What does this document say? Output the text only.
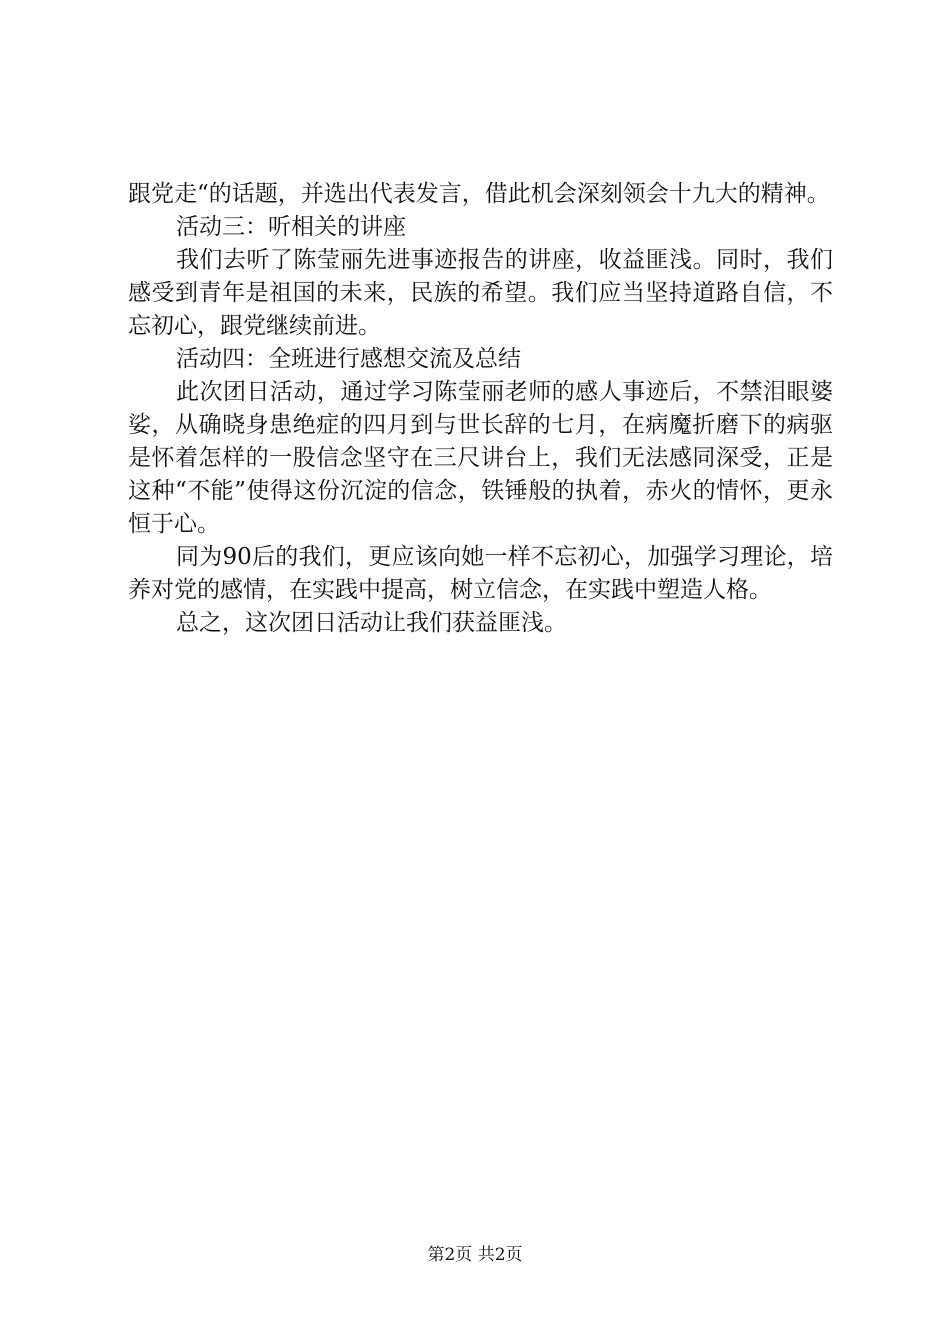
跟党走“的话题，并选出代表发言，借此机会深刻领会十九大的精神。

活动三：听相关的讲座

我们去听了陈莹丽先进事迹报告的讲座，收益匪浅。同时，我们感受到青年是祖国的未来，民族的希望。我们应当坚持道路自信，不忘初心，跟党继续前进。

活动四：全班进行感想交流及总结

此次团日活动，通过学习陈莹丽老师的感人事迹后，不禁泪眼婆娑，从确晓身患绝症的四月到与世长辞的七月，在病魔折磨下的病驱是怀着怎样的一股信念坚守在三尺讲台上，我们无法感同深受，正是这种“不能”使得这份沉淀的信念，铁锤般的执着，赤火的情怀，更永恒于心。

同为90后的我们，更应该向她一样不忘初心，加强学习理论，培养对党的感情，在实践中提高，树立信念，在实践中塑造人格。

总之，这次团日活动让我们获益匪浅。

第2页 共2页
